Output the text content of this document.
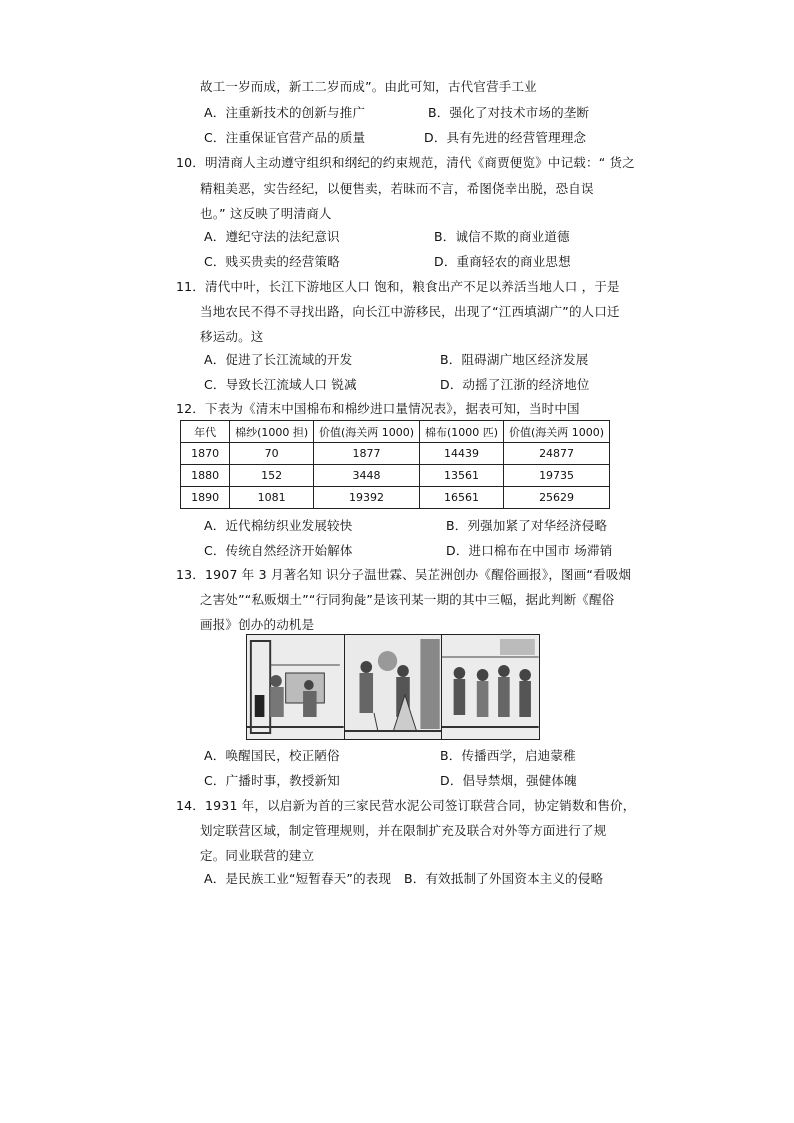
故工一岁而成，新工二岁而成”。由此可知，古代官营手工业
A．注重新技术的创新与推广	B．强化了对技术市场的垄断
C．注重保证官营产品的质量	D．具有先进的经营管理理念
10．明清商人主动遵守组织和纲纪的约束规范，清代《商贾便览》中记载：“ 货之
精粗美恶，实告经纪，以便售卖，若昧而不言，希图侥幸出脱，恐自误
也。” 这反映了明清商人
A．遵纪守法的法纪意识	B．诚信不欺的商业道德
C．贱买贵卖的经营策略	D．重商轻农的商业思想
11．清代中叶，长江下游地区人口 饱和，粮食出产不足以养活当地人口 ，于是
当地农民不得不寻找出路，向长江中游移民，出现了“江西填湖广”的人口迁
移运动。这
A．促进了长江流域的开发	B．阻碍湖广地区经济发展
C．导致长江流域人口 锐减	D．动摇了江浙的经济地位
12．下表为《清末中国棉布和棉纱进口量情况表》，据表可知，当时中国
年代	棉纱(1000 担)	价值(海关两 1000)	棉布(1000 匹)	价值(海关两 1000)
1870	70	1877	14439	24877
1880	152	3448	13561	19735
1890	1081	19392	16561	25629
A．近代棉纺织业发展较快	B．列强加紧了对华经济侵略
C．传统自然经济开始解体	D．进口棉布在中国市 场滞销
13．1907 年 3 月著名知 识分子温世霖、吴芷洲创办《醒俗画报》，图画“看吸烟
之害处”“私贩烟土”“行同狗彘”是该刊某一期的其中三幅，据此判断《醒俗
画报》创办的动机是
A．唤醒国民，校正陋俗	B．传播西学，启迪蒙稚
C．广播时事，教授新知	D．倡导禁烟，强健体魄
14．1931 年，以启新为首的三家民营水泥公司签订联营合同，协定销数和售价，
划定联营区域，制定管理规则，并在限制扩充及联合对外等方面进行了规
定。同业联营的建立
A．是民族工业“短暂春天”的表现 B．有效抵制了外国资本主义的侵略
